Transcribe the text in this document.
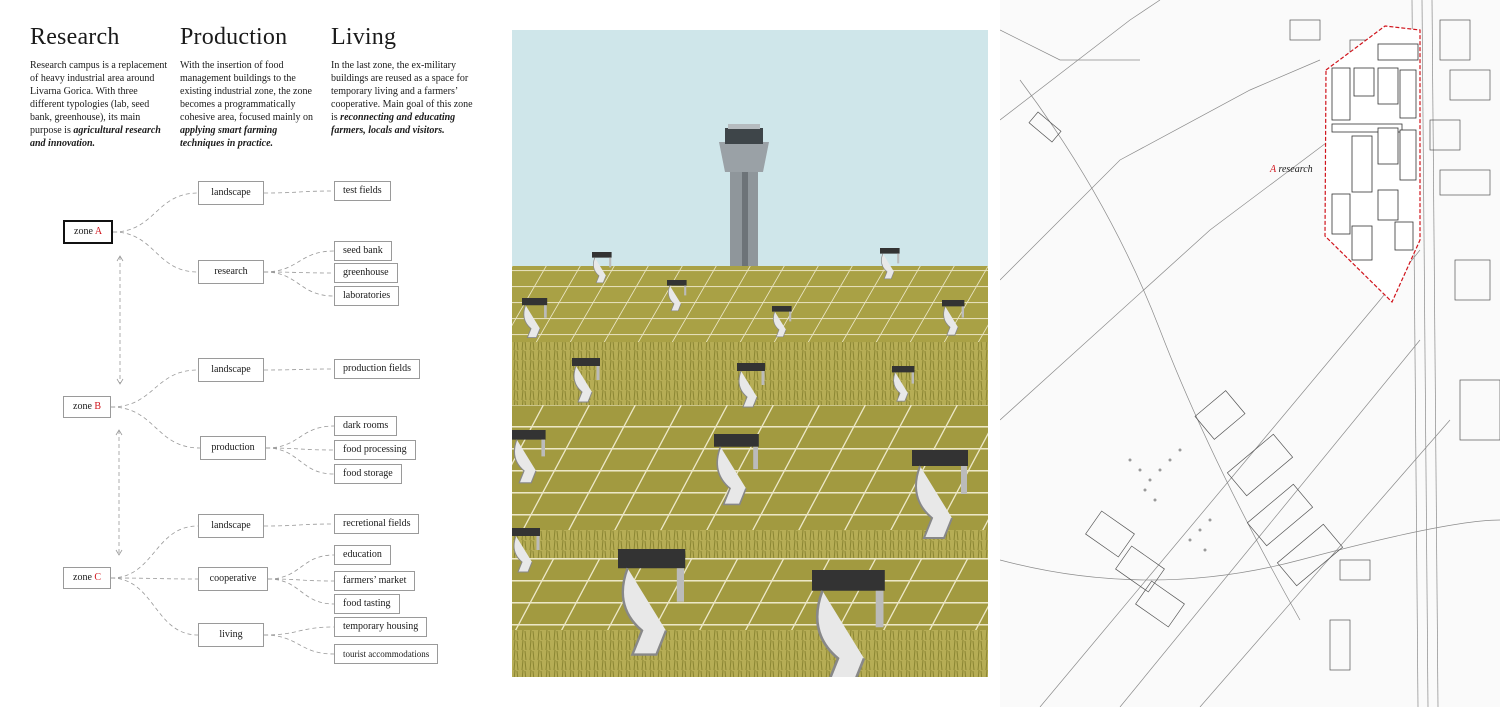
Research
Research campus is a replacement of heavy industrial area around Livarna Gorica. With three different typologies (lab, seed bank, greenhouse), its main purpose is agricultural research and innovation.
Production
With the insertion of food management buildings to the existing industrial zone, the zone becomes a programmatically cohesive area, focused mainly on applying smart farming techniques in practice.
Living
In the last zone, the ex-military buildings are reused as a space for temporary living and a farmers’ cooperative. Main goal of this zone is reconnecting and educating farmers, locals and visitors.
zone A
zone B
zone C
landscape
research
landscape
production
landscape
cooperative
living
test fields
seed bank
greenhouse
laboratories
production fields
dark rooms
food processing
food storage
recretional fields
education
farmers’ market
food tasting
temporary housing
tourist accommodations
A research
